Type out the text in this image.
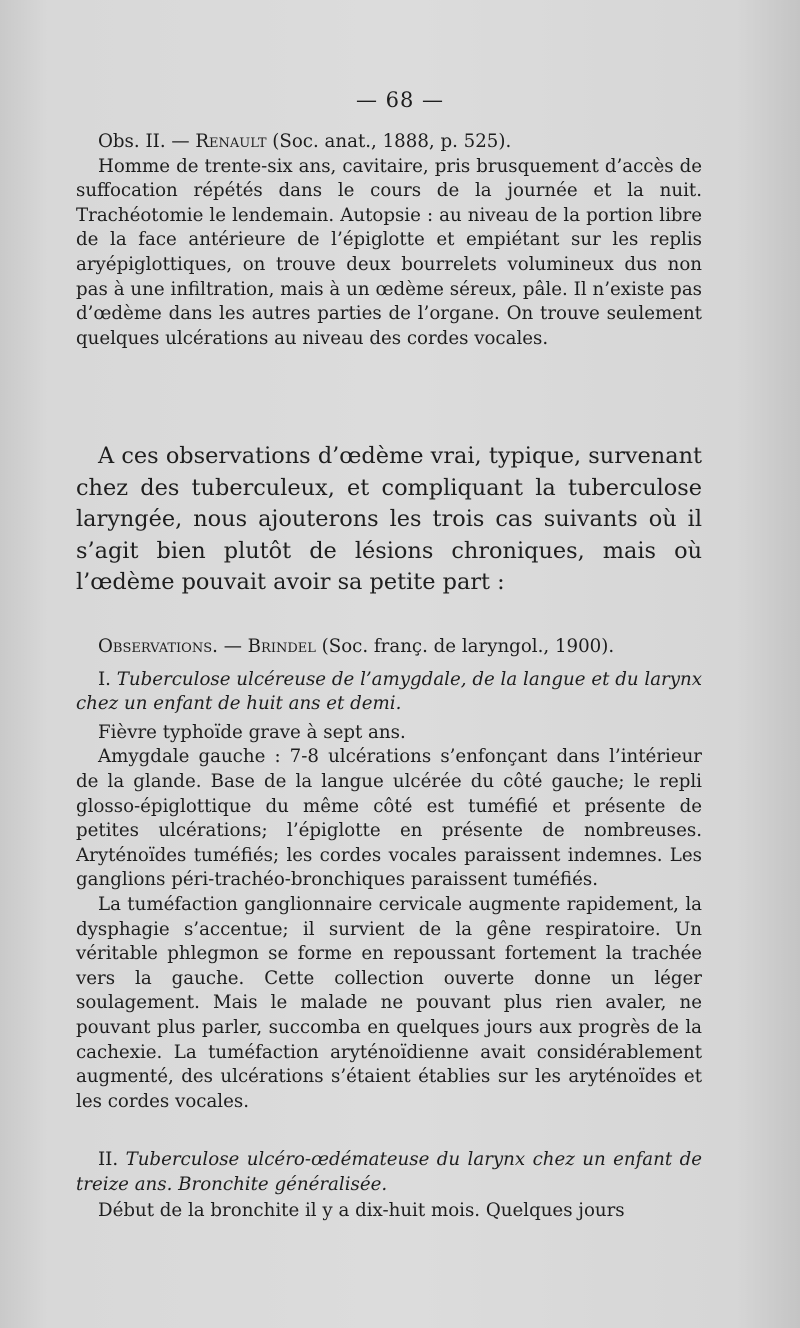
— 68 —

Obs. II. — Renault (Soc. anat., 1888, p. 525).

Homme de trente-six ans, cavitaire, pris brusquement d’accès de suffocation répétés dans le cours de la journée et la nuit. Trachéotomie le lendemain. Autopsie : au niveau de la portion libre de la face antérieure de l’épiglotte et empiétant sur les replis aryépiglottiques, on trouve deux bourrelets volumineux dus non pas à une infiltration, mais à un œdème séreux, pâle. Il n’existe pas d’œdème dans les autres parties de l’organe. On trouve seulement quelques ulcérations au niveau des cordes vocales.

A ces observations d’œdème vrai, typique, survenant chez des tuberculeux, et compliquant la tuberculose laryngée, nous ajouterons les trois cas suivants où il s’agit bien plutôt de lésions chroniques, mais où l’œdème pouvait avoir sa petite part :

Observations. — Brindel (Soc. franç. de laryngol., 1900).

I. Tuberculose ulcéreuse de l’amygdale, de la langue et du larynx chez un enfant de huit ans et demi.

Fièvre typhoïde grave à sept ans.

Amygdale gauche : 7-8 ulcérations s’enfonçant dans l’intérieur de la glande. Base de la langue ulcérée du côté gauche; le repli glosso-épiglottique du même côté est tuméfié et présente de petites ulcérations; l’épiglotte en présente de nombreuses. Aryténoïdes tuméfiés; les cordes vocales paraissent indemnes. Les ganglions péri-trachéo-bronchiques paraissent tuméfiés.

La tuméfaction ganglionnaire cervicale augmente rapidement, la dysphagie s’accentue; il survient de la gêne respiratoire. Un véritable phlegmon se forme en repoussant fortement la trachée vers la gauche. Cette collection ouverte donne un léger soulagement. Mais le malade ne pouvant plus rien avaler, ne pouvant plus parler, succomba en quelques jours aux progrès de la cachexie. La tuméfaction aryténoïdienne avait considérablement augmenté, des ulcérations s’étaient établies sur les aryténoïdes et les cordes vocales.

II. Tuberculose ulcéro-œdémateuse du larynx chez un enfant de treize ans. Bronchite généralisée.

Début de la bronchite il y a dix-huit mois. Quelques jours
